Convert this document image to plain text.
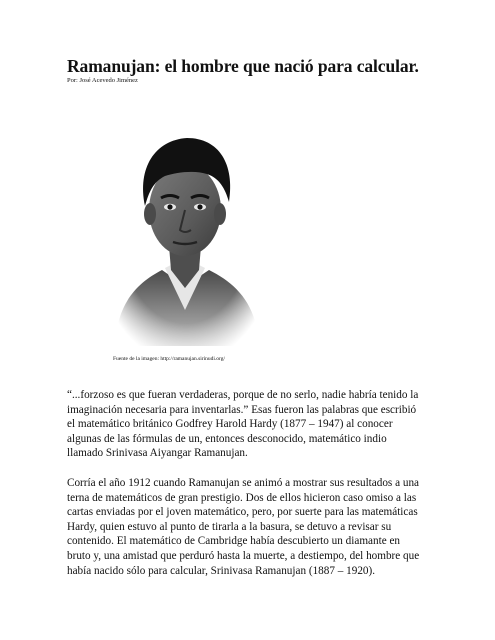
Ramanujan: el hombre que nació para calcular.
Por: José Acevedo Jiménez
Fuente de la imagen: http://ramanujan.sirinudi.org/

“...forzoso es que fueran verdaderas, porque de no serlo, nadie habría tenido la
imaginación necesaria para inventarlas.” Esas fueron las palabras que escribió
el matemático británico Godfrey Harold Hardy (1877 – 1947) al conocer
algunas de las fórmulas de un, entonces desconocido, matemático indio
llamado Srinivasa Aiyangar Ramanujan.

Corría el año 1912 cuando Ramanujan se animó a mostrar sus resultados a una
terna de matemáticos de gran prestigio. Dos de ellos hicieron caso omiso a las
cartas enviadas por el joven matemático, pero, por suerte para las matemáticas
Hardy, quien estuvo al punto de tirarla a la basura, se detuvo a revisar su
contenido. El matemático de Cambridge había descubierto un diamante en
bruto y, una amistad que perduró hasta la muerte, a destiempo, del hombre que
había nacido sólo para calcular, Srinivasa Ramanujan (1887 – 1920).
